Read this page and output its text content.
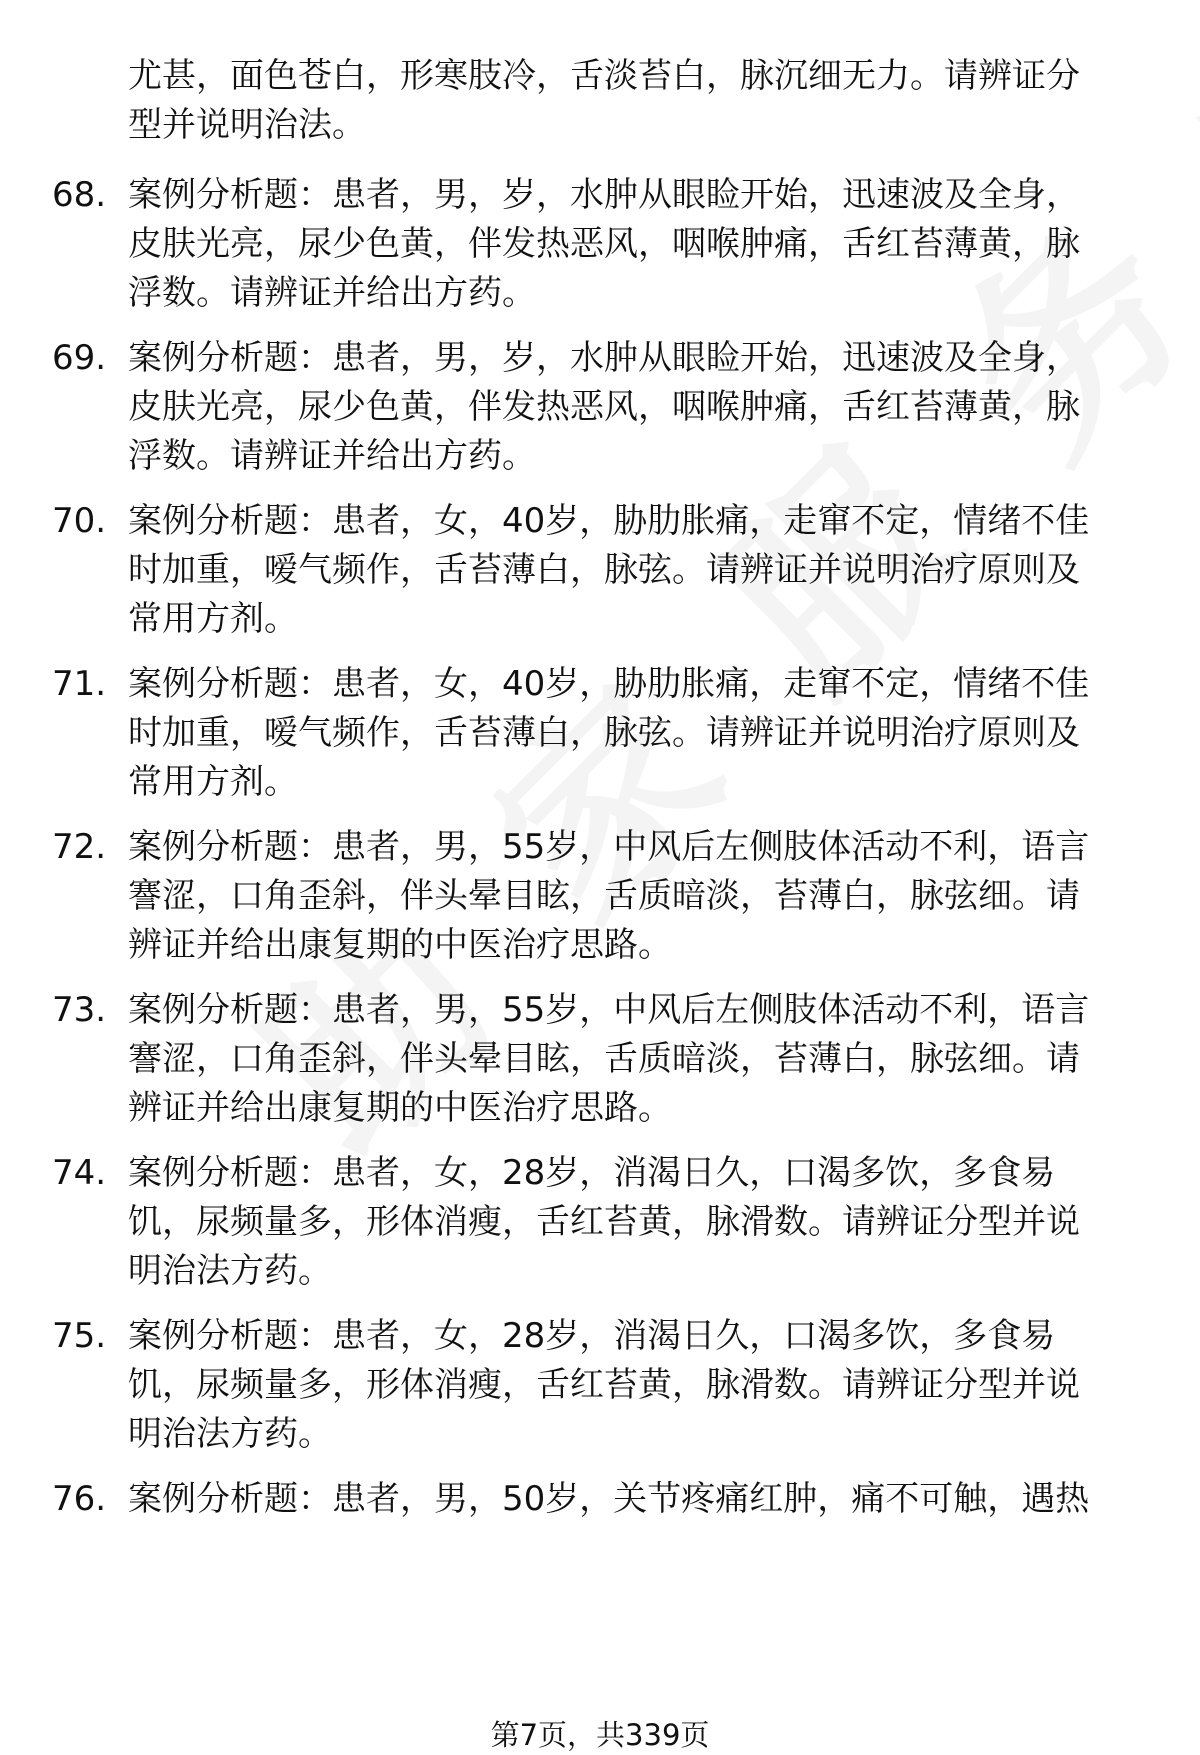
尤甚，面色苍白，形寒肢冷，舌淡苔白，脉沉细无力。请辨证分
型并说明治法。
68. 案例分析题：患者，男，岁，水肿从眼睑开始，迅速波及全身，
皮肤光亮，尿少色黄，伴发热恶风，咽喉肿痛，舌红苔薄黄，脉
浮数。请辨证并给出方药。
69. 案例分析题：患者，男，岁，水肿从眼睑开始，迅速波及全身，
皮肤光亮，尿少色黄，伴发热恶风，咽喉肿痛，舌红苔薄黄，脉
浮数。请辨证并给出方药。
70. 案例分析题：患者，女，40岁，胁肋胀痛，走窜不定，情绪不佳
时加重，嗳气频作，舌苔薄白，脉弦。请辨证并说明治疗原则及
常用方剂。
71. 案例分析题：患者，女，40岁，胁肋胀痛，走窜不定，情绪不佳
时加重，嗳气频作，舌苔薄白，脉弦。请辨证并说明治疗原则及
常用方剂。
72. 案例分析题：患者，男，55岁，中风后左侧肢体活动不利，语言
謇涩，口角歪斜，伴头晕目眩，舌质暗淡，苔薄白，脉弦细。请
辨证并给出康复期的中医治疗思路。
73. 案例分析题：患者，男，55岁，中风后左侧肢体活动不利，语言
謇涩，口角歪斜，伴头晕目眩，舌质暗淡，苔薄白，脉弦细。请
辨证并给出康复期的中医治疗思路。
74. 案例分析题：患者，女，28岁，消渴日久，口渴多饮，多食易
饥，尿频量多，形体消瘦，舌红苔黄，脉滑数。请辨证分型并说
明治法方药。
75. 案例分析题：患者，女，28岁，消渴日久，口渴多饮，多食易
饥，尿频量多，形体消瘦，舌红苔黄，脉滑数。请辨证分型并说
明治法方药。
76. 案例分析题：患者，男，50岁，关节疼痛红肿，痛不可触，遇热
第7页，共339页
